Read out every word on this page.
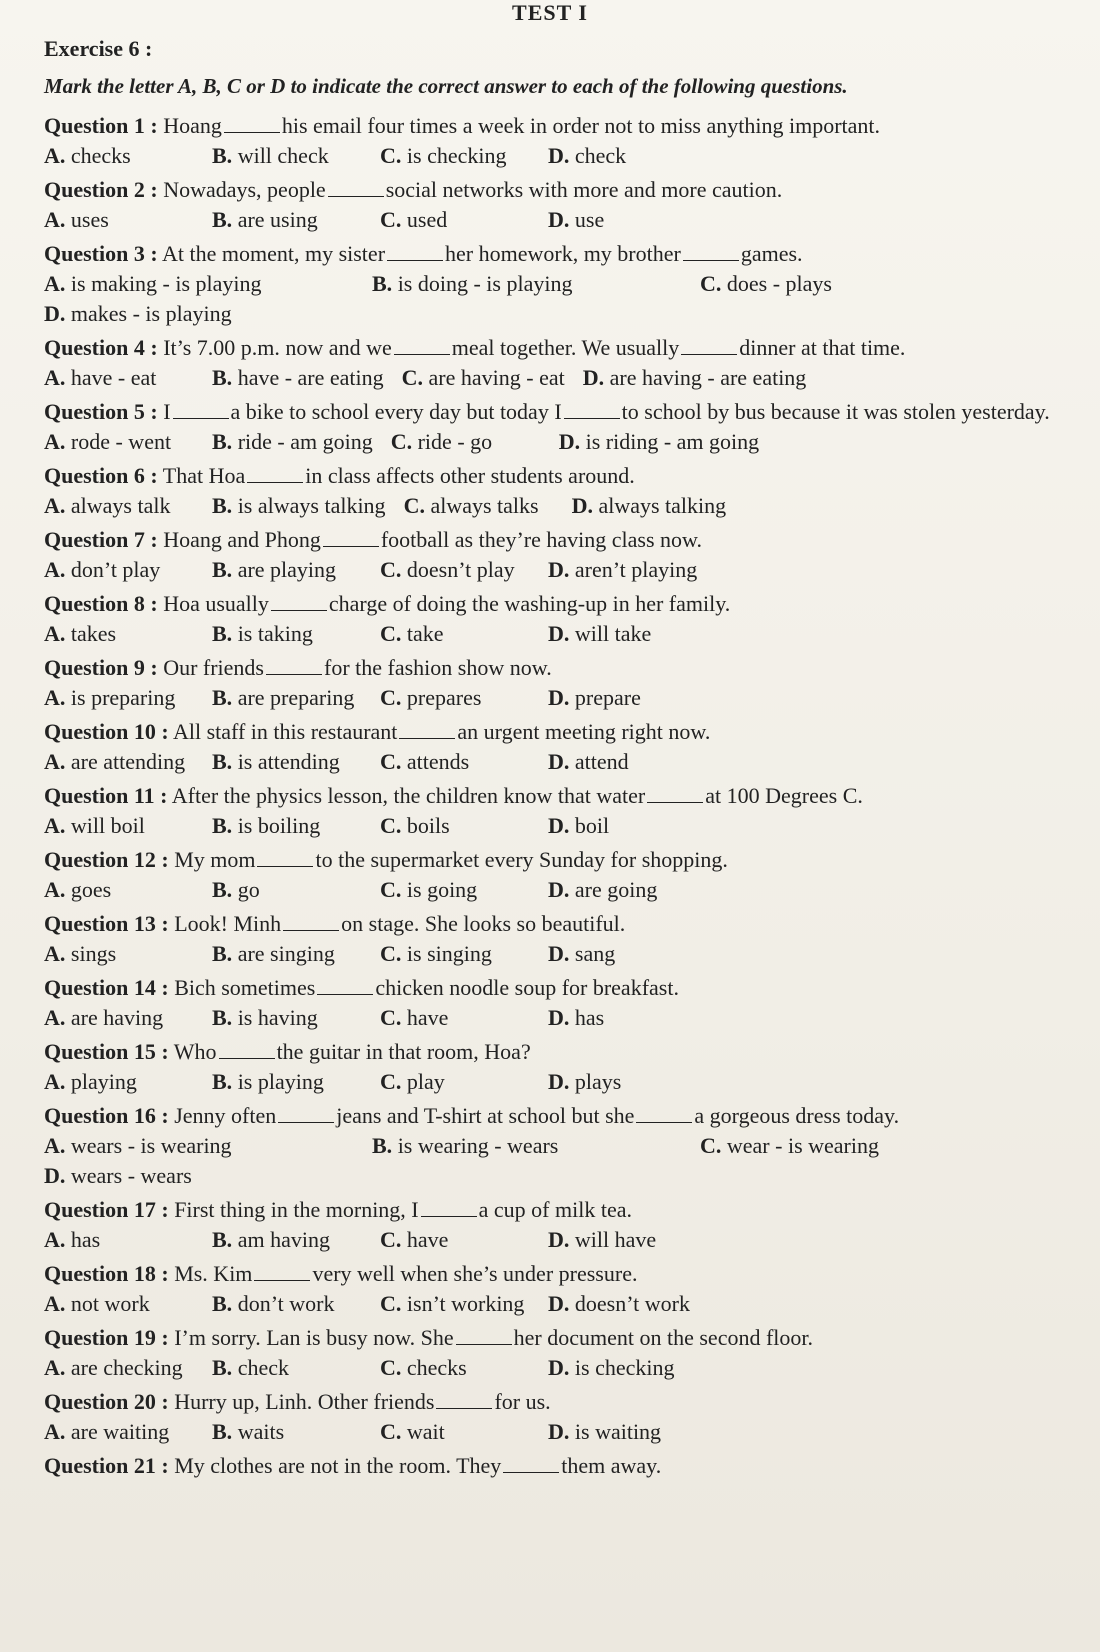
TEST I
Exercise 6 :
Mark the letter A, B, C or D to indicate the correct answer to each of the following questions.
Question 1 : Hoang	his email four times a week in order not to miss anything important.
A. checks	B. will check	C. is checking	D. check
Question 2 : Nowadays, people	social networks with more and more caution.
A. uses	B. are using	C. used	D. use
Question 3 : At the moment, my sister	her homework, my brother	games.
A. is making - is playing	B. is doing - is playing	C. does - plays
D. makes - is playing
Question 4 : It’s 7.00 p.m. now and we	meal together. We usually	dinner at that time.
A. have - eat	B. have - are eating C. are having - eat D. are having - are eating
Question 5 : I	a bike to school every day but today I	to school by bus because it was stolen yesterday.
A. rode - went	B. ride - am going C. ride - go	D. is riding - am going
Question 6 : That Hoa	in class affects other students around.
A. always talk	B. is always talking C. always talks	D. always talking
Question 7 : Hoang and Phong	football as they’re having class now.
A. don’t play	B. are playing	C. doesn’t play	D. aren’t playing
Question 8 : Hoa usually	charge of doing the washing-up in her family.
A. takes	B. is taking	C. take	D. will take
Question 9 : Our friends	for the fashion show now.
A. is preparing	B. are preparing	C. prepares	D. prepare
Question 10 : All staff in this restaurant	an urgent meeting right now.
A. are attending	B. is attending	C. attends	D. attend
Question 11 : After the physics lesson, the children know that water	at 100 Degrees C.
A. will boil	B. is boiling	C. boils	D. boil
Question 12 : My mom	to the supermarket every Sunday for shopping.
A. goes	B. go	C. is going	D. are going
Question 13 : Look! Minh	on stage. She looks so beautiful.
A. sings	B. are singing	C. is singing	D. sang
Question 14 : Bich sometimes	chicken noodle soup for breakfast.
A. are having	B. is having	C. have	D. has
Question 15 : Who	the guitar in that room, Hoa?
A. playing	B. is playing	C. play	D. plays
Question 16 : Jenny often	jeans and T-shirt at school but she	a gorgeous dress today.
A. wears - is wearing	B. is wearing - wears	C. wear - is wearing
D. wears - wears
Question 17 : First thing in the morning, I	a cup of milk tea.
A. has	B. am having	C. have	D. will have
Question 18 : Ms. Kim	very well when she’s under pressure.
A. not work	B. don’t work	C. isn’t working D. doesn’t work
Question 19 : I’m sorry. Lan is busy now. She	her document on the second floor.
A. are checking	B. check	C. checks	D. is checking
Question 20 : Hurry up, Linh. Other friends	for us.
A. are waiting	B. waits	C. wait	D. is waiting
Question 21 : My clothes are not in the room. They	them away.
